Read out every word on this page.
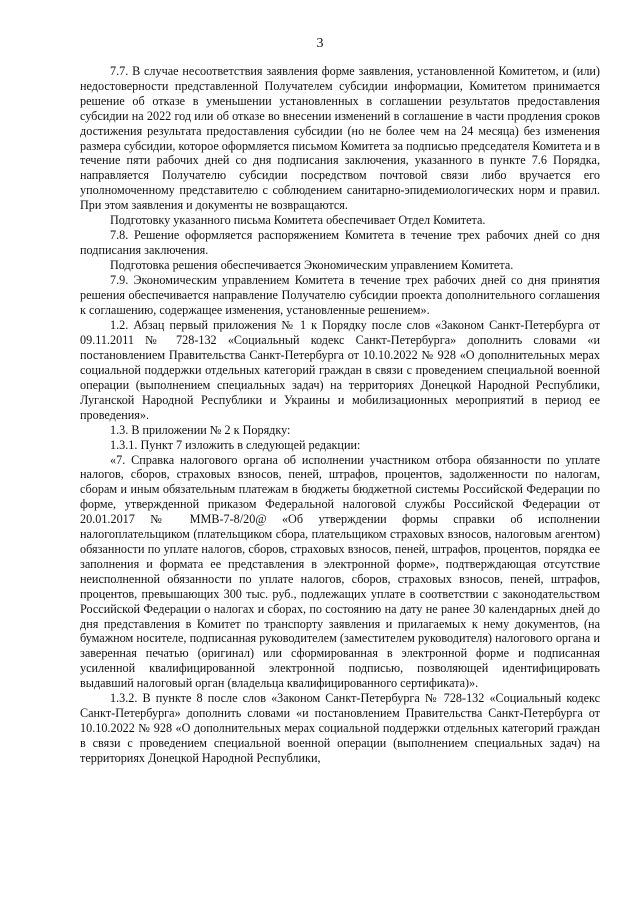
3

7.7. В случае несоответствия заявления форме заявления, установленной Комитетом, и (или) недостоверности представленной Получателем субсидии информации, Комитетом принимается решение об отказе в уменьшении установленных в соглашении результатов предоставления субсидии на 2022 год или об отказе во внесении изменений в соглашение в части продления сроков достижения результата предоставления субсидии (но не более чем на 24 месяца) без изменения размера субсидии, которое оформляется письмом Комитета за подписью председателя Комитета и в течение пяти рабочих дней со дня подписания заключения, указанного в пункте 7.6 Порядка, направляется Получателю субсидии посредством почтовой связи либо вручается его уполномоченному представителю с соблюдением санитарно-эпидемиологических норм и правил. При этом заявления и документы не возвращаются.

Подготовку указанного письма Комитета обеспечивает Отдел Комитета.

7.8. Решение оформляется распоряжением Комитета в течение трех рабочих дней со дня подписания заключения.

Подготовка решения обеспечивается Экономическим управлением Комитета.

7.9. Экономическим управлением Комитета в течение трех рабочих дней со дня принятия решения обеспечивается направление Получателю субсидии проекта дополнительного соглашения к соглашению, содержащее изменения, установленные решением».

1.2. Абзац первый приложения № 1 к Порядку после слов «Законом Санкт-Петербурга от 09.11.2011 № 728-132 «Социальный кодекс Санкт-Петербурга» дополнить словами «и постановлением Правительства Санкт-Петербурга от 10.10.2022 № 928 «О дополнительных мерах социальной поддержки отдельных категорий граждан в связи с проведением специальной военной операции (выполнением специальных задач) на территориях Донецкой Народной Республики, Луганской Народной Республики и Украины и мобилизационных мероприятий в период ее проведения».

1.3. В приложении № 2 к Порядку:

1.3.1. Пункт 7 изложить в следующей редакции:

«7. Справка налогового органа об исполнении участником отбора обязанности по уплате налогов, сборов, страховых взносов, пеней, штрафов, процентов, задолженности по налогам, сборам и иным обязательным платежам в бюджеты бюджетной системы Российской Федерации по форме, утвержденной приказом Федеральной налоговой службы Российской Федерации от 20.01.2017 № ММВ-7-8/20@ «Об утверждении формы справки об исполнении налогоплательщиком (плательщиком сбора, плательщиком страховых взносов, налоговым агентом) обязанности по уплате налогов, сборов, страховых взносов, пеней, штрафов, процентов, порядка ее заполнения и формата ее представления в электронной форме», подтверждающая отсутствие неисполненной обязанности по уплате налогов, сборов, страховых взносов, пеней, штрафов, процентов, превышающих 300 тыс. руб., подлежащих уплате в соответствии с законодательством Российской Федерации о налогах и сборах, по состоянию на дату не ранее 30 календарных дней до дня представления в Комитет по транспорту заявления и прилагаемых к нему документов, (на бумажном носителе, подписанная руководителем (заместителем руководителя) налогового органа и заверенная печатью (оригинал) или сформированная в электронной форме и подписанная усиленной квалифицированной электронной подписью, позволяющей идентифицировать выдавший налоговый орган (владельца квалифицированного сертификата)».

1.3.2. В пункте 8 после слов «Законом Санкт-Петербурга № 728-132 «Социальный кодекс Санкт-Петербурга» дополнить словами «и постановлением Правительства Санкт-Петербурга от 10.10.2022 № 928 «О дополнительных мерах социальной поддержки отдельных категорий граждан в связи с проведением специальной военной операции (выполнением специальных задач) на территориях Донецкой Народной Республики,
